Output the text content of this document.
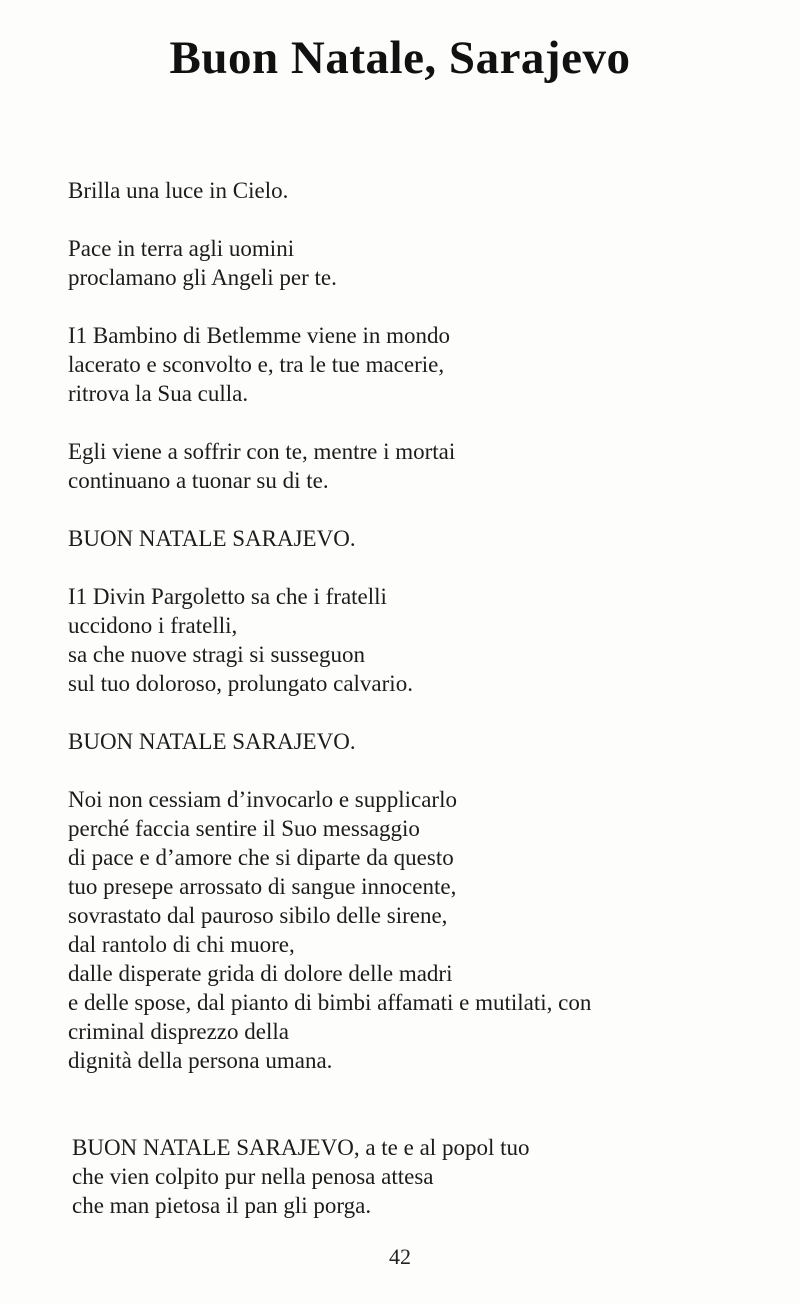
Buon Natale, Sarajevo
Brilla una luce in Cielo.
Pace in terra agli uomini
proclamano gli Angeli per te.
I1 Bambino di Betlemme viene in mondo
lacerato e sconvolto e, tra le tue macerie,
ritrova la Sua culla.
Egli viene a soffrir con te, mentre i mortai
continuano a tuonar su di te.
BUON NATALE SARAJEVO.
I1 Divin Pargoletto sa che i fratelli
uccidono i fratelli,
sa che nuove stragi si susseguon
sul tuo doloroso, prolungato calvario.
BUON NATALE SARAJEVO.
Noi non cessiam d’invocarlo e supplicarlo
perché faccia sentire il Suo messaggio
di pace e d’amore che si diparte da questo
tuo presepe arrossato di sangue innocente,
sovrastato dal pauroso sibilo delle sirene,
dal rantolo di chi muore,
dalle disperate grida di dolore delle madri
e delle spose, dal pianto di bimbi affamati e mutilati, con
criminal disprezzo della
dignità della persona umana.
BUON NATALE SARAJEVO, a te e al popol tuo
che vien colpito pur nella penosa attesa
che man pietosa il pan gli porga.
42
